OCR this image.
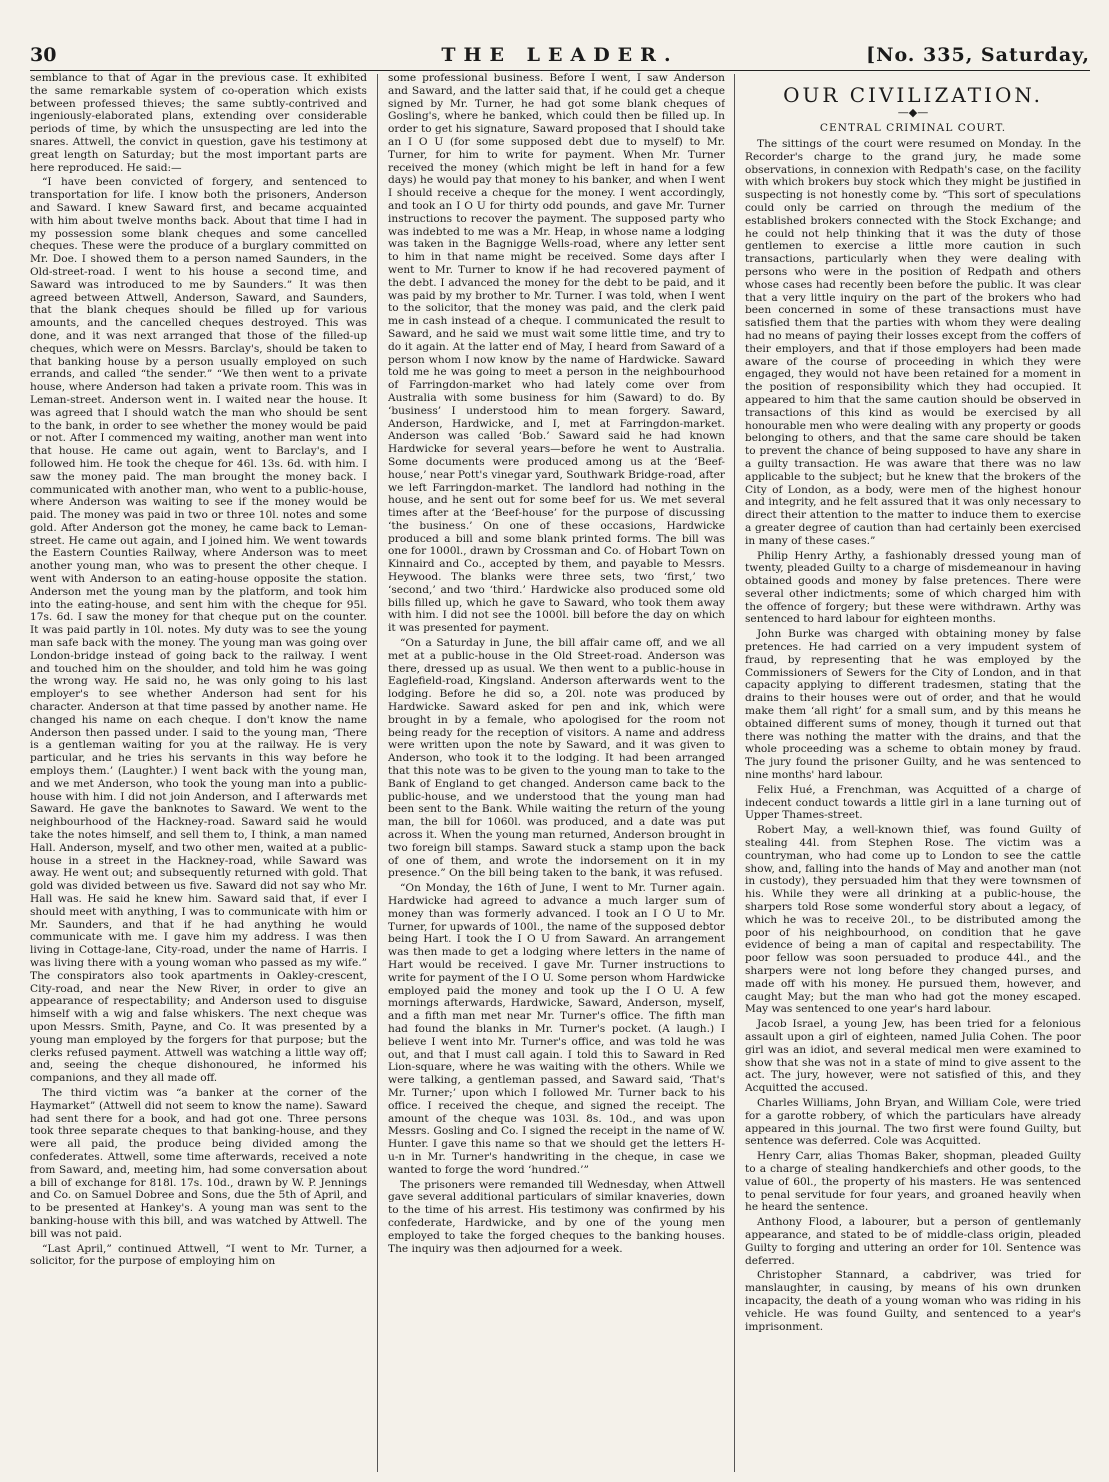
30	THE LEADER.	[No. 335, Saturday,

semblance to that of Agar in the previous case. It exhibited the same remarkable system of co-operation which exists between professed thieves; the same subtly-contrived and ingeniously-elaborated plans, extending over considerable periods of time, by which the unsuspecting are led into the snares. Attwell, the convict in question, gave his testimony at great length on Saturday; but the most important parts are here reproduced. He said:—

“I have been convicted of forgery, and sentenced to transportation for life. I know both the prisoners, Anderson and Saward. I knew Saward first, and became acquainted with him about twelve months back. About that time I had in my possession some blank cheques and some cancelled cheques. These were the produce of a burglary committed on Mr. Doe. I showed them to a person named Saunders, in the Old-street-road. I went to his house a second time, and Saward was introduced to me by Saunders.” It was then agreed between Attwell, Anderson, Saward, and Saunders, that the blank cheques should be filled up for various amounts, and the cancelled cheques destroyed. This was done, and it was next arranged that those of the filled-up cheques, which were on Messrs. Barclay's, should be taken to that banking house by a person usually employed on such errands, and called “the sender.” “We then went to a private house, where Anderson had taken a private room. This was in Leman-street. Anderson went in. I waited near the house. It was agreed that I should watch the man who should be sent to the bank, in order to see whether the money would be paid or not. After I commenced my waiting, another man went into that house. He came out again, went to Barclay's, and I followed him. He took the cheque for 46l. 13s. 6d. with him. I saw the money paid. The man brought the money back. I communicated with another man, who went to a public-house, where Anderson was waiting to see if the money would be paid. The money was paid in two or three 10l. notes and some gold. After Anderson got the money, he came back to Leman-street. He came out again, and I joined him. We went towards the Eastern Counties Railway, where Anderson was to meet another young man, who was to present the other cheque. I went with Anderson to an eating-house opposite the station. Anderson met the young man by the platform, and took him into the eating-house, and sent him with the cheque for 95l. 17s. 6d. I saw the money for that cheque put on the counter. It was paid partly in 10l. notes. My duty was to see the young man safe back with the money. The young man was going over London-bridge instead of going back to the railway. I went and touched him on the shoulder, and told him he was going the wrong way. He said no, he was only going to his last employer's to see whether Anderson had sent for his character. Anderson at that time passed by another name. He changed his name on each cheque. I don't know the name Anderson then passed under. I said to the young man, ‘There is a gentleman waiting for you at the railway. He is very particular, and he tries his servants in this way before he employs them.’ (Laughter.) I went back with the young man, and we met Anderson, who took the young man into a public-house with him. I did not join Anderson, and I afterwards met Saward. He gave the banknotes to Saward. We went to the neighbourhood of the Hackney-road. Saward said he would take the notes himself, and sell them to, I think, a man named Hall. Anderson, myself, and two other men, waited at a public-house in a street in the Hackney-road, while Saward was away. He went out; and subsequently returned with gold. That gold was divided between us five. Saward did not say who Mr. Hall was. He said he knew him. Saward said that, if ever I should meet with anything, I was to communicate with him or Mr. Saunders, and that if he had anything he would communicate with me. I gave him my address. I was then living in Cottage-lane, City-road, under the name of Harris. I was living there with a young woman who passed as my wife.” The conspirators also took apartments in Oakley-crescent, City-road, and near the New River, in order to give an appearance of respectability; and Anderson used to disguise himself with a wig and false whiskers. The next cheque was upon Messrs. Smith, Payne, and Co. It was presented by a young man employed by the forgers for that purpose; but the clerks refused payment. Attwell was watching a little way off; and, seeing the cheque dishonoured, he informed his companions, and they all made off.

The third victim was “a banker at the corner of the Haymarket” (Attwell did not seem to know the name). Saward had sent there for a book, and had got one. Three persons took three separate cheques to that banking-house, and they were all paid, the produce being divided among the confederates. Attwell, some time afterwards, received a note from Saward, and, meeting him, had some conversation about a bill of exchange for 818l. 17s. 10d., drawn by W. P. Jennings and Co. on Samuel Dobree and Sons, due the 5th of April, and to be presented at Hankey's. A young man was sent to the banking-house with this bill, and was watched by Attwell. The bill was not paid.

“Last April,” continued Attwell, “I went to Mr. Turner, a solicitor, for the purpose of employing him on

some professional business. Before I went, I saw Anderson and Saward, and the latter said that, if he could get a cheque signed by Mr. Turner, he had got some blank cheques of Gosling's, where he banked, which could then be filled up. In order to get his signature, Saward proposed that I should take an I O U (for some supposed debt due to myself) to Mr. Turner, for him to write for payment. When Mr. Turner received the money (which might be left in hand for a few days) he would pay that money to his banker, and when I went I should receive a cheque for the money. I went accordingly, and took an I O U for thirty odd pounds, and gave Mr. Turner instructions to recover the payment. The supposed party who was indebted to me was a Mr. Heap, in whose name a lodging was taken in the Bagnigge Wells-road, where any letter sent to him in that name might be received. Some days after I went to Mr. Turner to know if he had recovered payment of the debt. I advanced the money for the debt to be paid, and it was paid by my brother to Mr. Turner. I was told, when I went to the solicitor, that the money was paid, and the clerk paid me in cash instead of a cheque. I communicated the result to Saward, and he said we must wait some little time, and try to do it again. At the latter end of May, I heard from Saward of a person whom I now know by the name of Hardwicke. Saward told me he was going to meet a person in the neighbourhood of Farringdon-market who had lately come over from Australia with some business for him (Saward) to do. By ‘business’ I understood him to mean forgery. Saward, Anderson, Hardwicke, and I, met at Farringdon-market. Anderson was called ‘Bob.’ Saward said he had known Hardwicke for several years—before he went to Australia. Some documents were produced among us at the ‘Beef-house,’ near Pott's vinegar yard, Southwark Bridge-road, after we left Farringdon-market. The landlord had nothing in the house, and he sent out for some beef for us. We met several times after at the ‘Beef-house’ for the purpose of discussing ‘the business.’ On one of these occasions, Hardwicke produced a bill and some blank printed forms. The bill was one for 1000l., drawn by Crossman and Co. of Hobart Town on Kinnaird and Co., accepted by them, and payable to Messrs. Heywood. The blanks were three sets, two ‘first,’ two ‘second,’ and two ‘third.’ Hardwicke also produced some old bills filled up, which he gave to Saward, who took them away with him. I did not see the 1000l. bill before the day on which it was presented for payment.

“On a Saturday in June, the bill affair came off, and we all met at a public-house in the Old Street-road. Anderson was there, dressed up as usual. We then went to a public-house in Eaglefield-road, Kingsland. Anderson afterwards went to the lodging. Before he did so, a 20l. note was produced by Hardwicke. Saward asked for pen and ink, which were brought in by a female, who apologised for the room not being ready for the reception of visitors. A name and address were written upon the note by Saward, and it was given to Anderson, who took it to the lodging. It had been arranged that this note was to be given to the young man to take to the Bank of England to get changed. Anderson came back to the public-house, and we understood that the young man had been sent to the Bank. While waiting the return of the young man, the bill for 1060l. was produced, and a date was put across it. When the young man returned, Anderson brought in two foreign bill stamps. Saward stuck a stamp upon the back of one of them, and wrote the indorsement on it in my presence.” On the bill being taken to the bank, it was refused.

“On Monday, the 16th of June, I went to Mr. Turner again. Hardwicke had agreed to advance a much larger sum of money than was formerly advanced. I took an I O U to Mr. Turner, for upwards of 100l., the name of the supposed debtor being Hart. I took the I O U from Saward. An arrangement was then made to get a lodging where letters in the name of Hart would be received. I gave Mr. Turner instructions to write for payment of the I O U. Some person whom Hardwicke employed paid the money and took up the I O U. A few mornings afterwards, Hardwicke, Saward, Anderson, myself, and a fifth man met near Mr. Turner's office. The fifth man had found the blanks in Mr. Turner's pocket. (A laugh.) I believe I went into Mr. Turner's office, and was told he was out, and that I must call again. I told this to Saward in Red Lion-square, where he was waiting with the others. While we were talking, a gentleman passed, and Saward said, ‘That's Mr. Turner;’ upon which I followed Mr. Turner back to his office. I received the cheque, and signed the receipt. The amount of the cheque was 103l. 8s. 10d., and was upon Messrs. Gosling and Co. I signed the receipt in the name of W. Hunter. I gave this name so that we should get the letters H-u-n in Mr. Turner's handwriting in the cheque, in case we wanted to forge the word ‘hundred.’”

The prisoners were remanded till Wednesday, when Attwell gave several additional particulars of similar knaveries, down to the time of his arrest. His testimony was confirmed by his confederate, Hardwicke, and by one of the young men employed to take the forged cheques to the banking houses. The inquiry was then adjourned for a week.

OUR CIVILIZATION.
—◆—
CENTRAL CRIMINAL COURT.

The sittings of the court were resumed on Monday. In the Recorder's charge to the grand jury, he made some observations, in connexion with Redpath's case, on the facility with which brokers buy stock which they might be justified in suspecting is not honestly come by. “This sort of speculations could only be carried on through the medium of the established brokers connected with the Stock Exchange; and he could not help thinking that it was the duty of those gentlemen to exercise a little more caution in such transactions, particularly when they were dealing with persons who were in the position of Redpath and others whose cases had recently been before the public. It was clear that a very little inquiry on the part of the brokers who had been concerned in some of these transactions must have satisfied them that the parties with whom they were dealing had no means of paying their losses except from the coffers of their employers, and that if those employers had been made aware of the course of proceeding in which they were engaged, they would not have been retained for a moment in the position of responsibility which they had occupied. It appeared to him that the same caution should be observed in transactions of this kind as would be exercised by all honourable men who were dealing with any property or goods belonging to others, and that the same care should be taken to prevent the chance of being supposed to have any share in a guilty transaction. He was aware that there was no law applicable to the subject; but he knew that the brokers of the City of London, as a body, were men of the highest honour and integrity, and he felt assured that it was only necessary to direct their attention to the matter to induce them to exercise a greater degree of caution than had certainly been exercised in many of these cases.”

Philip Henry Arthy, a fashionably dressed young man of twenty, pleaded Guilty to a charge of misdemeanour in having obtained goods and money by false pretences. There were several other indictments; some of which charged him with the offence of forgery; but these were withdrawn. Arthy was sentenced to hard labour for eighteen months.

John Burke was charged with obtaining money by false pretences. He had carried on a very impudent system of fraud, by representing that he was employed by the Commissioners of Sewers for the City of London, and in that capacity applying to different tradesmen, stating that the drains to their houses were out of order, and that he would make them ‘all right’ for a small sum, and by this means he obtained different sums of money, though it turned out that there was nothing the matter with the drains, and that the whole proceeding was a scheme to obtain money by fraud. The jury found the prisoner Guilty, and he was sentenced to nine months' hard labour.

Felix Hué, a Frenchman, was Acquitted of a charge of indecent conduct towards a little girl in a lane turning out of Upper Thames-street.

Robert May, a well-known thief, was found Guilty of stealing 44l. from Stephen Rose. The victim was a countryman, who had come up to London to see the cattle show, and, falling into the hands of May and another man (not in custody), they persuaded him that they were townsmen of his. While they were all drinking at a public-house, the sharpers told Rose some wonderful story about a legacy, of which he was to receive 20l., to be distributed among the poor of his neighbourhood, on condition that he gave evidence of being a man of capital and respectability. The poor fellow was soon persuaded to produce 44l., and the sharpers were not long before they changed purses, and made off with his money. He pursued them, however, and caught May; but the man who had got the money escaped. May was sentenced to one year's hard labour.

Jacob Israel, a young Jew, has been tried for a felonious assault upon a girl of eighteen, named Julia Cohen. The poor girl was an idiot, and several medical men were examined to show that she was not in a state of mind to give assent to the act. The jury, however, were not satisfied of this, and they Acquitted the accused.

Charles Williams, John Bryan, and William Cole, were tried for a garotte robbery, of which the particulars have already appeared in this journal. The two first were found Guilty, but sentence was deferred. Cole was Acquitted.

Henry Carr, alias Thomas Baker, shopman, pleaded Guilty to a charge of stealing handkerchiefs and other goods, to the value of 60l., the property of his masters. He was sentenced to penal servitude for four years, and groaned heavily when he heard the sentence.

Anthony Flood, a labourer, but a person of gentlemanly appearance, and stated to be of middle-class origin, pleaded Guilty to forging and uttering an order for 10l. Sentence was deferred.

Christopher Stannard, a cabdriver, was tried for manslaughter, in causing, by means of his own drunken incapacity, the death of a young woman who was riding in his vehicle. He was found Guilty, and sentenced to a year's imprisonment.
